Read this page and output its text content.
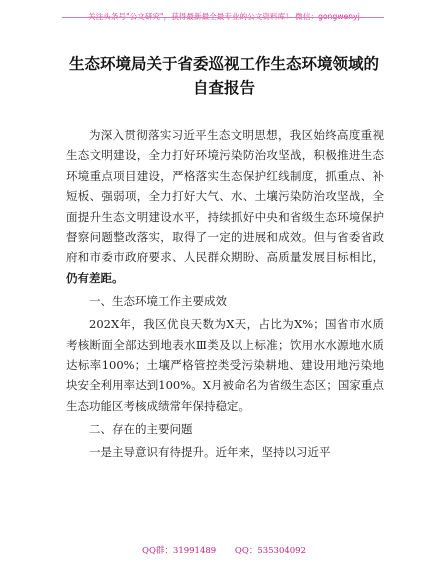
关注头条号"公文研究"，获得最新最全最专业的公文资料库！ 微信：gongwenyj
生态环境局关于省委巡视工作生态环境领域的
自查报告

为深入贯彻落实习近平生态文明思想，我区始终高度重视生态文明建设，全力打好环境污染防治攻坚战，积极推进生态环境重点项目建设，严格落实生态保护红线制度，抓重点、补短板、强弱项，全力打好大气、水、土壤污染防治攻坚战，全面提升生态文明建设水平，持续抓好中央和省级生态环境保护督察问题整改落实，取得了一定的进展和成效。但与省委省政府和市委市政府要求、人民群众期盼、高质量发展目标相比，仍有差距。

一、生态环境工作主要成效

202X年，我区优良天数为X天，占比为X%；国省市水质考核断面全部达到地表水Ⅲ类及以上标准；饮用水水源地水质达标率100%；土壤严格管控类受污染耕地、建设用地污染地块安全利用率达到100%。X月被命名为省级生态区；国家重点生态功能区考核成绩常年保持稳定。

二、存在的主要问题

一是主导意识有待提升。近年来，坚持以习近平

QQ群：31991489 QQ：535304092
